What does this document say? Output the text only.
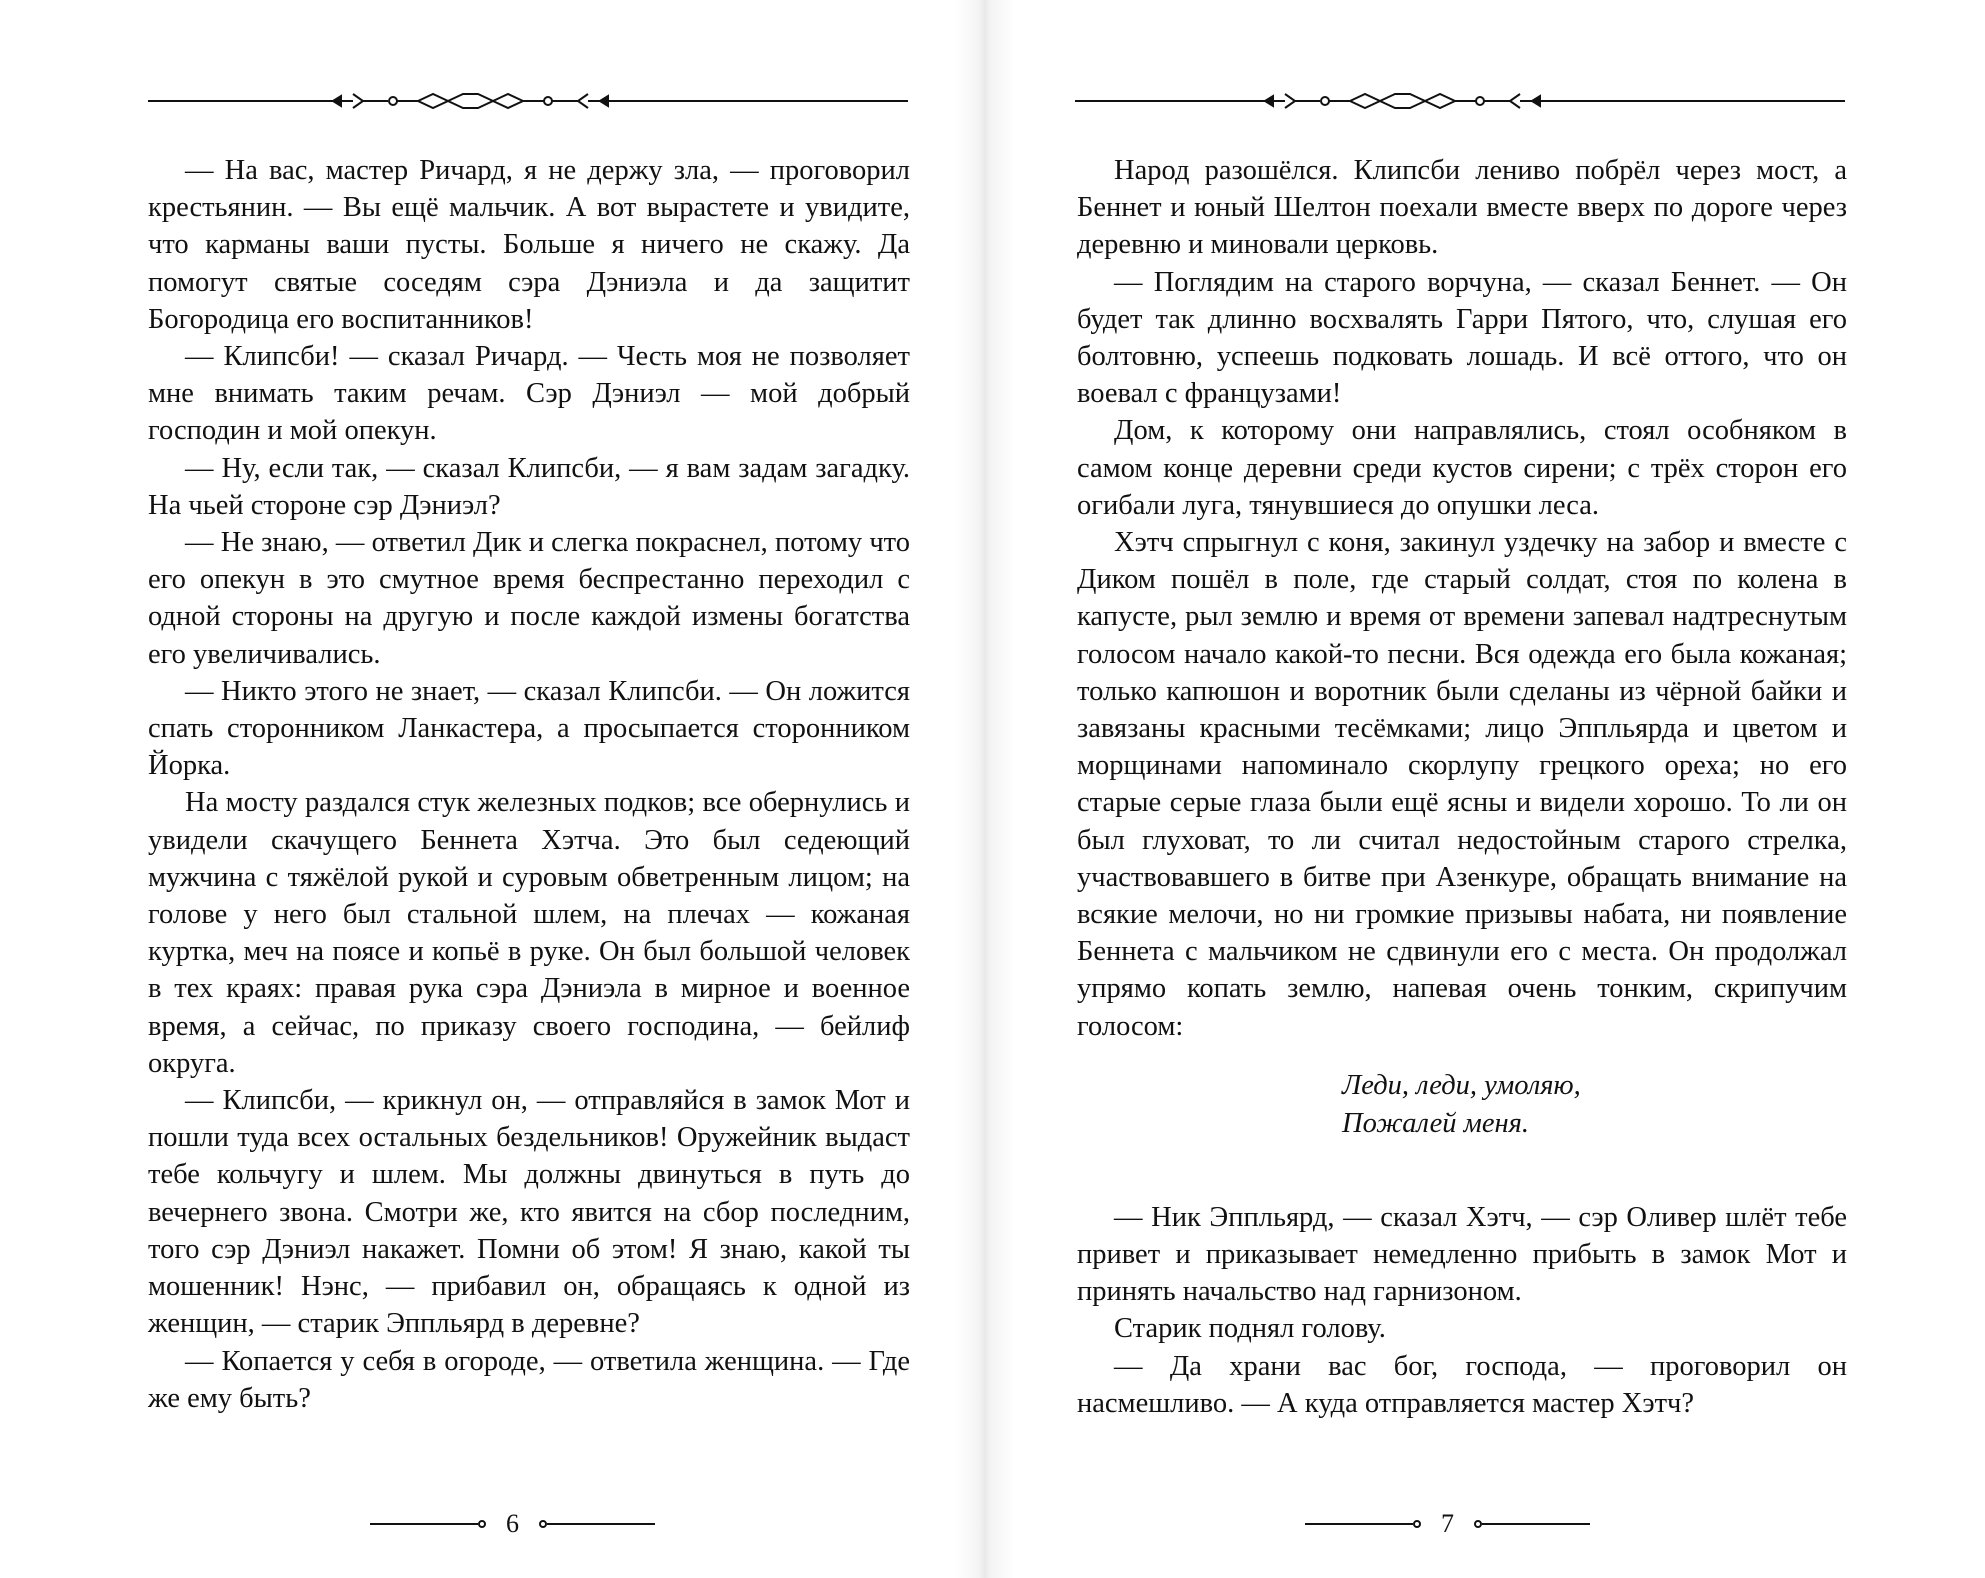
— На вас, мастер Ричард, я не держу зла, — проговорил крестьянин. — Вы ещё мальчик. А вот вырастете и увидите, что карманы ваши пусты. Больше я ничего не скажу. Да помогут святые соседям сэра Дэниэла и да защитит Богородица его воспитанников!

— Клипсби! — сказал Ричард. — Честь моя не позволяет мне внимать таким речам. Сэр Дэниэл — мой добрый господин и мой опекун.

— Ну, если так, — сказал Клипсби, — я вам задам загадку. На чьей стороне сэр Дэниэл?

— Не знаю, — ответил Дик и слегка покраснел, потому что его опекун в это смутное время беспрестанно переходил с одной стороны на другую и после каждой измены богатства его увеличивались.

— Никто этого не знает, — сказал Клипсби. — Он ложится спать сторонником Ланкастера, а просыпается сторонником Йорка.

На мосту раздался стук железных подков; все обернулись и увидели скачущего Беннета Хэтча. Это был седеющий мужчина с тяжёлой рукой и суровым обветренным лицом; на голове у него был стальной шлем, на плечах — кожаная куртка, меч на поясе и копьё в руке. Он был большой человек в тех краях: правая рука сэра Дэниэла в мирное и военное время, а сейчас, по приказу своего господина, — бейлиф округа.

— Клипсби, — крикнул он, — отправляйся в замок Мот и пошли туда всех остальных бездельников! Оружейник выдаст тебе кольчугу и шлем. Мы должны двинуться в путь до вечернего звона. Смотри же, кто явится на сбор последним, того сэр Дэниэл накажет. Помни об этом! Я знаю, какой ты мошенник! Нэнс, — прибавил он, обращаясь к одной из женщин, — старик Эппльярд в деревне?

— Копается у себя в огороде, — ответила женщина. — Где же ему быть?

6

Народ разошёлся. Клипсби лениво побрёл через мост, а Беннет и юный Шелтон поехали вместе вверх по дороге через деревню и миновали церковь.

— Поглядим на старого ворчуна, — сказал Беннет. — Он будет так длинно восхвалять Гарри Пятого, что, слушая его болтовню, успеешь подковать лошадь. И всё оттого, что он воевал с французами!

Дом, к которому они направлялись, стоял особняком в самом конце деревни среди кустов сирени; с трёх сторон его огибали луга, тянувшиеся до опушки леса.

Хэтч спрыгнул с коня, закинул уздечку на забор и вместе с Диком пошёл в поле, где старый солдат, стоя по колена в капусте, рыл землю и время от времени запевал надтреснутым голосом начало какой-то песни. Вся одежда его была кожаная; только капюшон и воротник были сделаны из чёрной байки и завязаны красными тесёмками; лицо Эппльярда и цветом и морщинами напоминало скорлупу грецкого ореха; но его старые серые глаза были ещё ясны и видели хорошо. То ли он был глуховат, то ли считал недостойным старого стрелка, участвовавшего в битве при Азенкуре, обращать внимание на всякие мелочи, но ни громкие призывы набата, ни появление Беннета с мальчиком не сдвинули его с места. Он продолжал упрямо копать землю, напевая очень тонким, скрипучим голосом:

Леди, леди, умоляю,
Пожалей меня.

— Ник Эппльярд, — сказал Хэтч, — сэр Оливер шлёт тебе привет и приказывает немедленно прибыть в замок Мот и принять начальство над гарнизоном.

Старик поднял голову.

— Да храни вас бог, господа, — проговорил он насмешливо. — А куда отправляется мастер Хэтч?

7
